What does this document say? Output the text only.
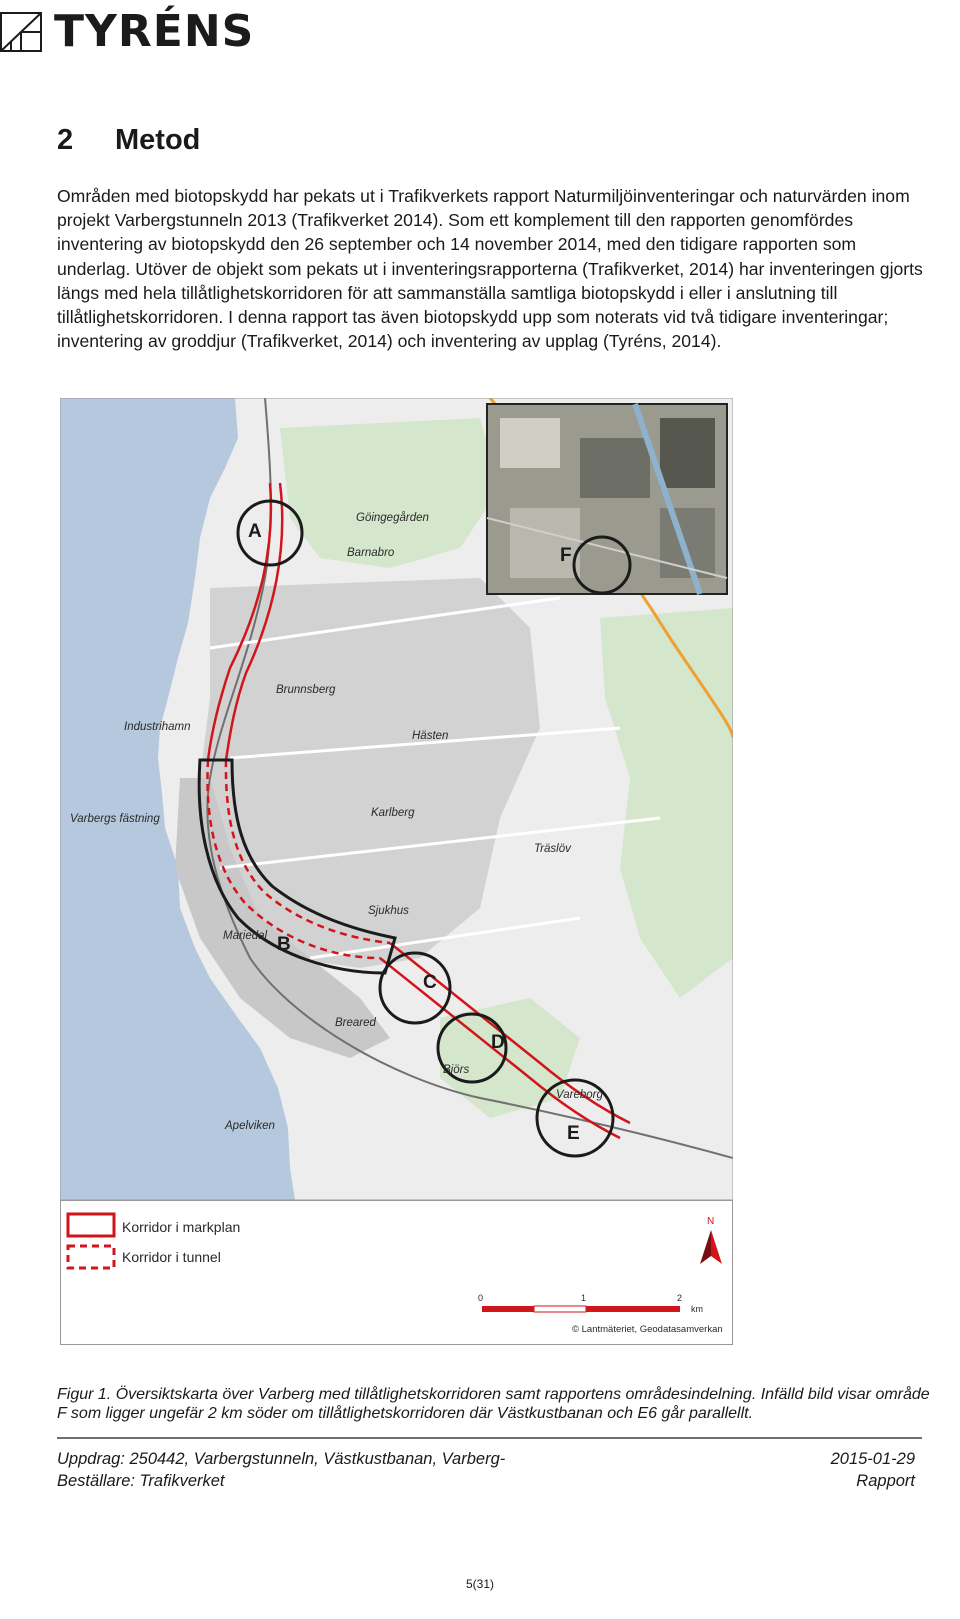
TYRÉNS
2 Metod

Områden med biotopskydd har pekats ut i Trafikverkets rapport Naturmiljöinventeringar och naturvärden inom projekt Varbergstunneln 2013 (Trafikverket 2014). Som ett komplement till den rapporten genomfördes inventering av biotopskydd den 26 september och 14 november 2014, med den tidigare rapporten som underlag. Utöver de objekt som pekats ut i inventeringsrapporterna (Trafikverket, 2014) har inventeringen gjorts längs med hela tillåtlighetskorridoren för att sammanställa samtliga biotopskydd i eller i anslutning till tillåtlighetskorridoren. I denna rapport tas även biotopskydd upp som noterats vid två tidigare inventeringar; inventering av groddjur (Trafikverket, 2014) och inventering av upplag (Tyréns, 2014).

A
B
C
D
E
F
Göingegården
Barnabro
Brunnsberg
Industrihamn
Hästen
Varbergs fästning	Karlberg
Träslöv
Sjukhus
Mariedal
Breared
Björs
Vareborg
Apelviken
Korridor i markplan
Korridor i tunnel
N
0	1	2
km
© Lantmäteriet, Geodatasamverkan
Figur 1. Översiktskarta över Varberg med tillåtlighetskorridoren samt rapportens områdesindelning. Infälld bild visar område F som ligger ungefär 2 km söder om tillåtlighetskorridoren där Västkustbanan och E6 går parallellt.
Uppdrag: 250442, Varbergstunneln, Västkustbanan, Varberg-
Beställare: Trafikverket
2015-01-29
Rapport
5(31)
